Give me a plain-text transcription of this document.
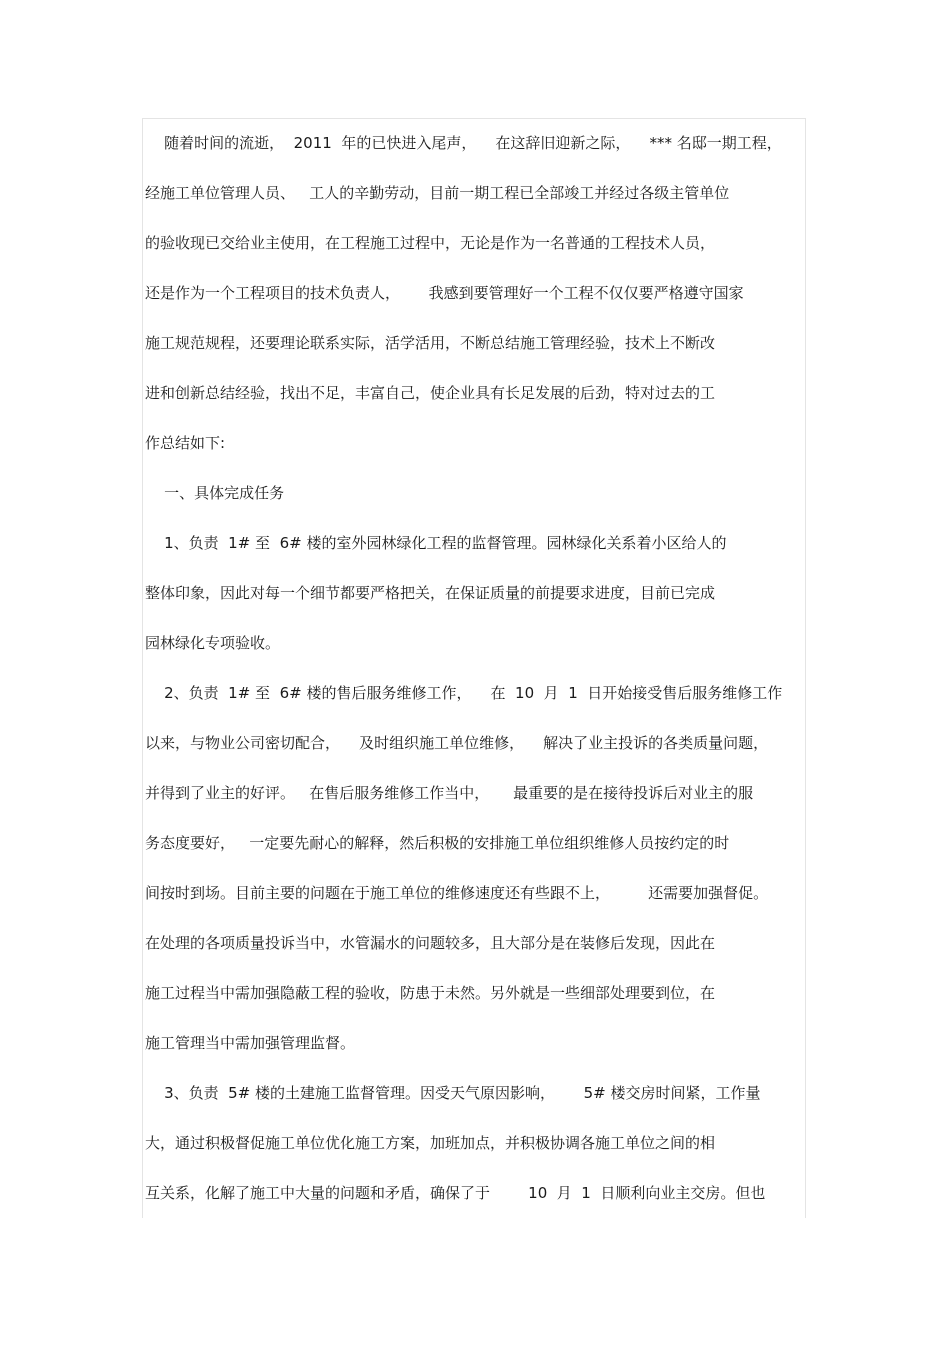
随着时间的流逝，  2011  年的已快进入尾声，    在这辞旧迎新之际，    *** 名邸一期工程，
经施工单位管理人员、   工人的辛勤劳动，目前一期工程已全部竣工并经过各级主管单位
的验收现已交给业主使用，在工程施工过程中，无论是作为一名普通的工程技术人员，
还是作为一个工程项目的技术负责人，      我感到要管理好一个工程不仅仅要严格遵守国家
施工规范规程，还要理论联系实际，活学活用，不断总结施工管理经验，技术上不断改
进和创新总结经验，找出不足，丰富自己，使企业具有长足发展的后劲，特对过去的工
作总结如下:
一、具体完成任务
1、负责  1# 至  6# 楼的室外园林绿化工程的监督管理。园林绿化关系着小区给人的
整体印象，因此对每一个细节都要严格把关，在保证质量的前提要求进度，目前已完成
园林绿化专项验收。
2、负责  1# 至  6# 楼的售后服务维修工作，    在  10  月  1  日开始接受售后服务维修工作
以来，与物业公司密切配合，    及时组织施工单位维修，    解决了业主投诉的各类质量问题，
并得到了业主的好评。   在售后服务维修工作当中，     最重要的是在接待投诉后对业主的服
务态度要好，   一定要先耐心的解释，然后积极的安排施工单位组织维修人员按约定的时
间按时到场。目前主要的问题在于施工单位的维修速度还有些跟不上，        还需要加强督促。
在处理的各项质量投诉当中，水管漏水的问题较多，且大部分是在装修后发现，因此在
施工过程当中需加强隐蔽工程的验收，防患于未然。另外就是一些细部处理要到位，在
施工管理当中需加强管理监督。
3、负责  5# 楼的土建施工监督管理。因受天气原因影响，      5# 楼交房时间紧，工作量
大，通过积极督促施工单位优化施工方案，加班加点，并积极协调各施工单位之间的相
互关系，化解了施工中大量的问题和矛盾，确保了于        10  月  1  日顺利向业主交房。但也
